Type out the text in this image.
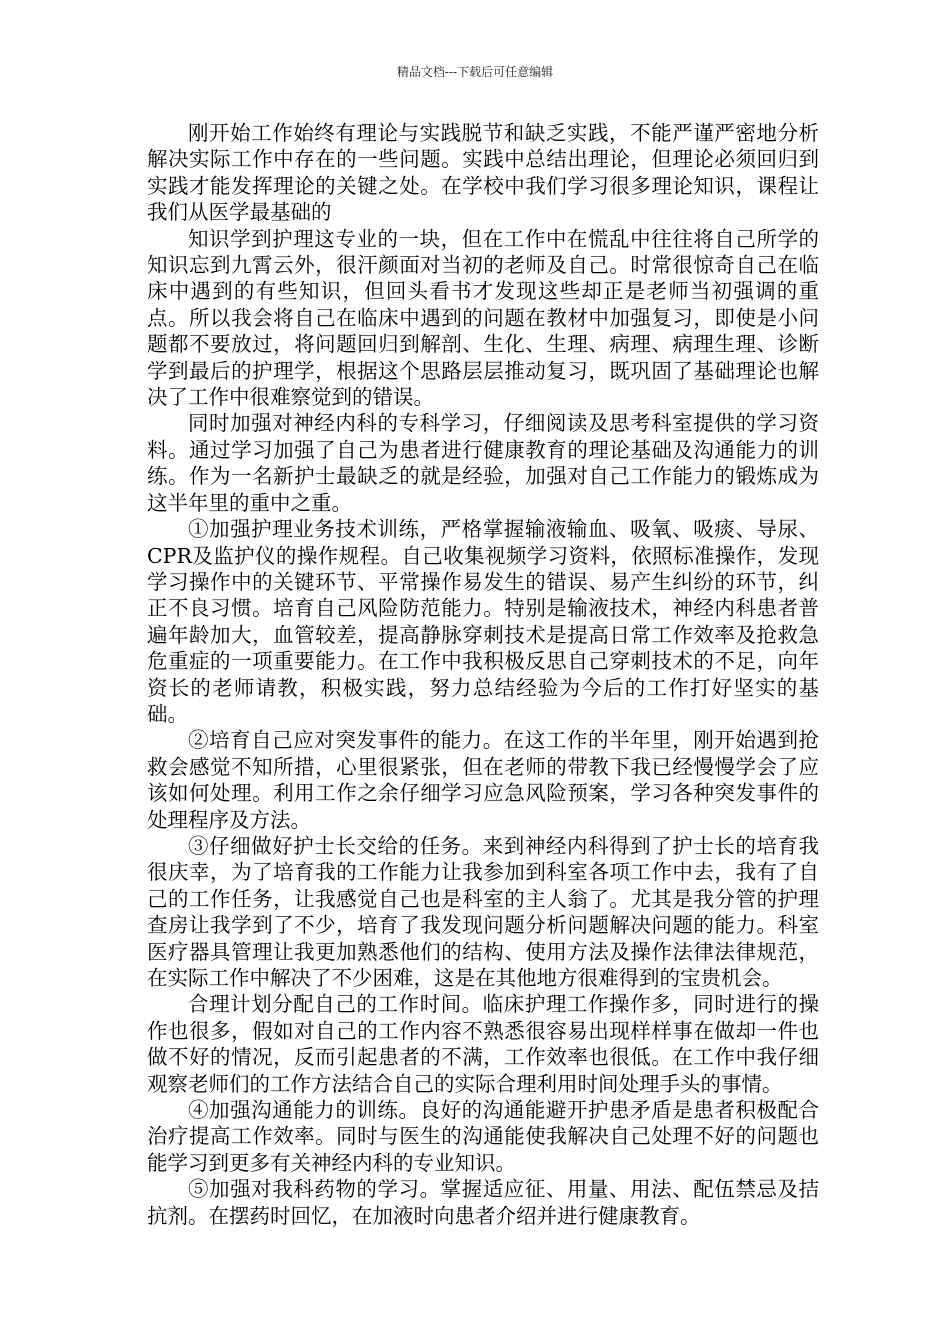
精品文档---下载后可任意编辑

刚开始工作始终有理论与实践脱节和缺乏实践，不能严谨严密地分析解决实际工作中存在的一些问题。实践中总结出理论，但理论必须回归到实践才能发挥理论的关键之处。在学校中我们学习很多理论知识，课程让我们从医学最基础的

知识学到护理这专业的一块，但在工作中在慌乱中往往将自己所学的知识忘到九霄云外，很汗颜面对当初的老师及自己。时常很惊奇自己在临床中遇到的有些知识，但回头看书才发现这些却正是老师当初强调的重点。所以我会将自己在临床中遇到的问题在教材中加强复习，即使是小问题都不要放过，将问题回归到解剖、生化、生理、病理、病理生理、诊断学到最后的护理学，根据这个思路层层推动复习，既巩固了基础理论也解决了工作中很难察觉到的错误。

同时加强对神经内科的专科学习，仔细阅读及思考科室提供的学习资料。通过学习加强了自己为患者进行健康教育的理论基础及沟通能力的训练。作为一名新护士最缺乏的就是经验，加强对自己工作能力的锻炼成为这半年里的重中之重。

①加强护理业务技术训练，严格掌握输液输血、吸氧、吸痰、导尿、CPR及监护仪的操作规程。自己收集视频学习资料，依照标准操作，发现学习操作中的关键环节、平常操作易发生的错误、易产生纠纷的环节，纠正不良习惯。培育自己风险防范能力。特别是输液技术，神经内科患者普遍年龄加大，血管较差，提高静脉穿刺技术是提高日常工作效率及抢救急危重症的一项重要能力。在工作中我积极反思自己穿刺技术的不足，向年资长的老师请教，积极实践，努力总结经验为今后的工作打好坚实的基础。

②培育自己应对突发事件的能力。在这工作的半年里，刚开始遇到抢救会感觉不知所措，心里很紧张，但在老师的带教下我已经慢慢学会了应该如何处理。利用工作之余仔细学习应急风险预案，学习各种突发事件的处理程序及方法。

③仔细做好护士长交给的任务。来到神经内科得到了护士长的培育我很庆幸，为了培育我的工作能力让我参加到科室各项工作中去，我有了自己的工作任务，让我感觉自己也是科室的主人翁了。尤其是我分管的护理查房让我学到了不少，培育了我发现问题分析问题解决问题的能力。科室医疗器具管理让我更加熟悉他们的结构、使用方法及操作法律法律规范，在实际工作中解决了不少困难，这是在其他地方很难得到的宝贵机会。

合理计划分配自己的工作时间。临床护理工作操作多，同时进行的操作也很多，假如对自己的工作内容不熟悉很容易出现样样事在做却一件也做不好的情况，反而引起患者的不满，工作效率也很低。在工作中我仔细观察老师们的工作方法结合自己的实际合理利用时间处理手头的事情。

④加强沟通能力的训练。良好的沟通能避开护患矛盾是患者积极配合治疗提高工作效率。同时与医生的沟通能使我解决自己处理不好的问题也能学习到更多有关神经内科的专业知识。

⑤加强对我科药物的学习。掌握适应征、用量、用法、配伍禁忌及拮抗剂。在摆药时回忆，在加液时向患者介绍并进行健康教育。
